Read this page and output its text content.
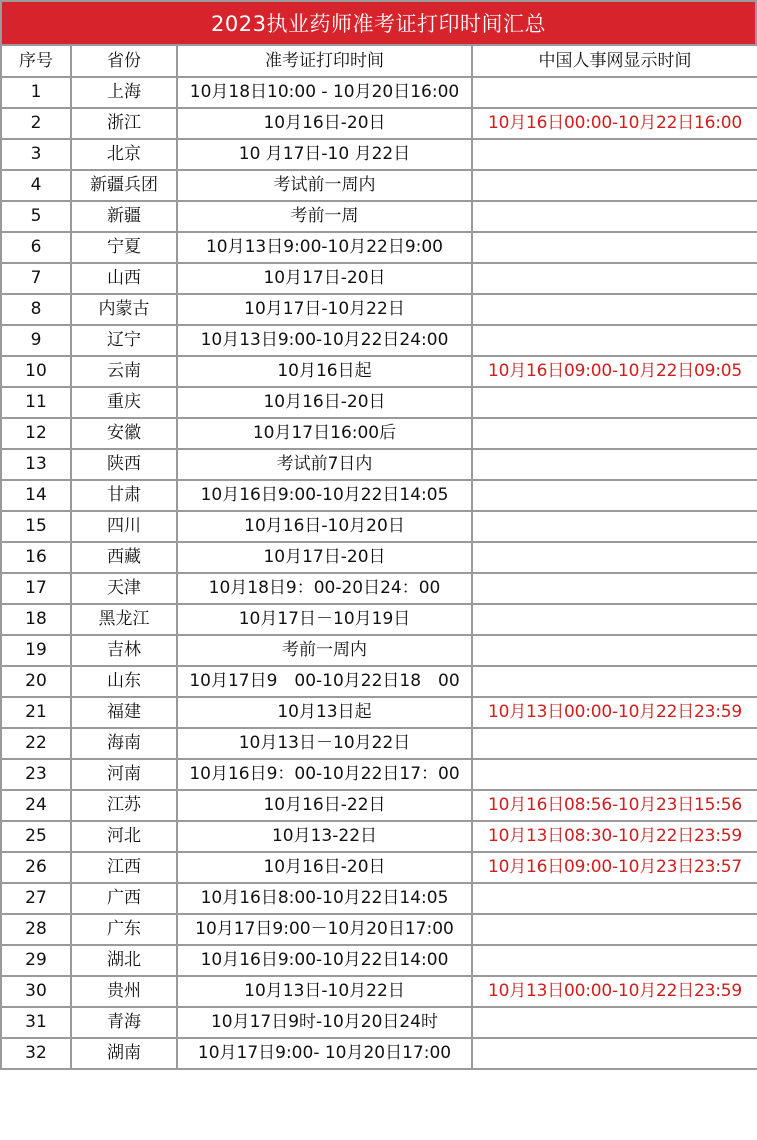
2023执业药师准考证打印时间汇总
序号	省份	准考证打印时间	中国人事网显示时间
1	上海	10月18日10:00 - 10月20日16:00	
2	浙江	10月16日-20日	10月16日00:00-10月22日16:00
3	北京	10 月17日-10 月22日	
4	新疆兵团	考试前一周内	
5	新疆	考前一周	
6	宁夏	10月13日9:00-10月22日9:00	
7	山西	10月17日-20日	
8	内蒙古	10月17日-10月22日	
9	辽宁	10月13日9:00-10月22日24:00	
10	云南	10月16日起	10月16日09:00-10月22日09:05
11	重庆	10月16日-20日	
12	安徽	10月17日16:00后	
13	陕西	考试前7日内	
14	甘肃	10月16日9:00-10月22日14:05	
15	四川	10月16日-10月20日	
16	西藏	10月17日-20日	
17	天津	10月18日9：00-20日24：00	
18	黑龙江	10月17日－10月19日	
19	吉林	考前一周内	
20	山东	10月17日9　00-10月22日18　00	
21	福建	10月13日起	10月13日00:00-10月22日23:59
22	海南	10月13日－10月22日	
23	河南	10月16日9：00-10月22日17：00	
24	江苏	10月16日-22日	10月16日08:56-10月23日15:56
25	河北	10月13-22日	10月13日08:30-10月22日23:59
26	江西	10月16日-20日	10月16日09:00-10月23日23:57
27	广西	10月16日8:00-10月22日14:05	
28	广东	10月17日9:00－10月20日17:00	
29	湖北	10月16日9:00-10月22日14:00	
30	贵州	10月13日-10月22日	10月13日00:00-10月22日23:59
31	青海	10月17日9时-10月20日24时	
32	湖南	10月17日9:00- 10月20日17:00	
